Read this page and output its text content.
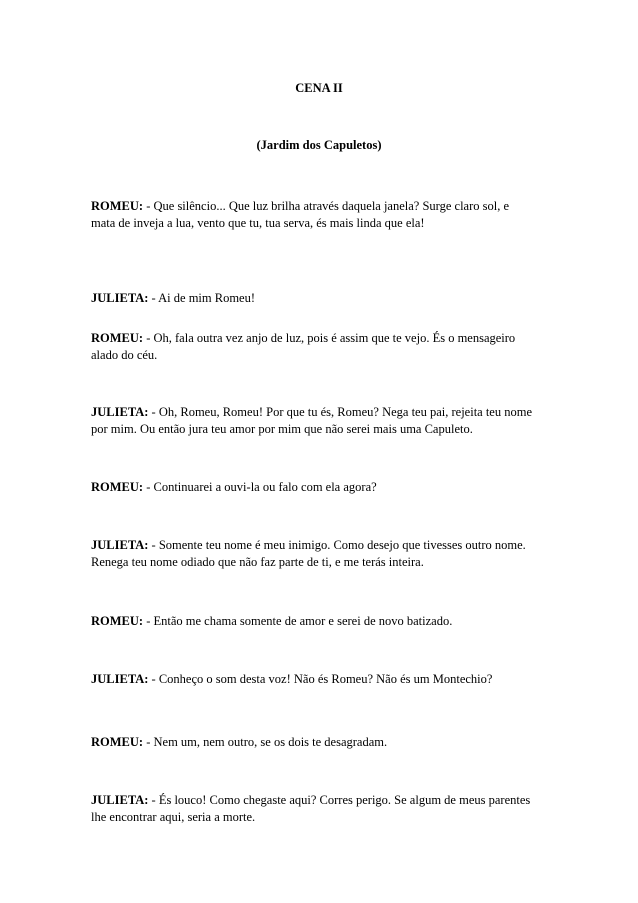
CENA II
(Jardim dos Capuletos)
ROMEU: - Que silêncio... Que luz brilha através daquela janela? Surge claro sol, e
mata de inveja a lua, vento que tu, tua serva, és mais linda que ela!
JULIETA: - Ai de mim Romeu!
ROMEU: - Oh, fala outra vez anjo de luz, pois é assim que te vejo. És o mensageiro
alado do céu.
JULIETA: - Oh, Romeu, Romeu! Por que tu és, Romeu? Nega teu pai, rejeita teu nome
por mim. Ou então jura teu amor por mim que não serei mais uma Capuleto.
ROMEU: - Continuarei a ouvi-la ou falo com ela agora?
JULIETA: - Somente teu nome é meu inimigo. Como desejo que tivesses outro nome.
Renega teu nome odiado que não faz parte de ti, e me terás inteira.
ROMEU: - Então me chama somente de amor e serei de novo batizado.
JULIETA: - Conheço o som desta voz! Não és Romeu? Não és um Montechio?
ROMEU: - Nem um, nem outro, se os dois te desagradam.
JULIETA: - És louco! Como chegaste aqui? Corres perigo. Se algum de meus parentes
lhe encontrar aqui, seria a morte.
